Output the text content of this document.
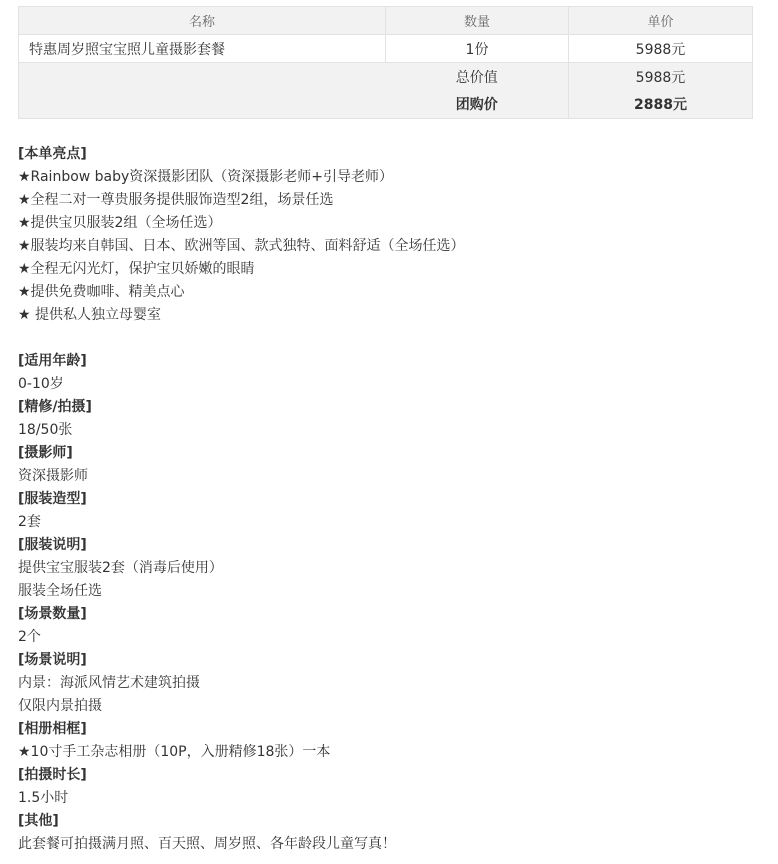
名称	数量	单价
特惠周岁照宝宝照儿童摄影套餐	1份	5988元
	总价值	5988元
	团购价	2888元
[本单亮点]
★Rainbow baby资深摄影团队（资深摄影老师+引导老师）
★全程二对一尊贵服务提供服饰造型2组，场景任选
★提供宝贝服装2组（全场任选）
★服装均来自韩国、日本、欧洲等国、款式独特、面料舒适（全场任选）
★全程无闪光灯，保护宝贝娇嫩的眼睛
★提供免费咖啡、精美点心
★ 提供私人独立母婴室
[适用年龄]
0-10岁
[精修/拍摄]
18/50张
[摄影师]
资深摄影师
[服装造型]
2套
[服装说明]
提供宝宝服装2套（消毒后使用）
服装全场任选
[场景数量]
2个
[场景说明]
内景：海派风情艺术建筑拍摄
仅限内景拍摄
[相册相框]
★10寸手工杂志相册（10P，入册精修18张）一本
[拍摄时长]
1.5小时
[其他]
此套餐可拍摄满月照、百天照、周岁照、各年龄段儿童写真！
